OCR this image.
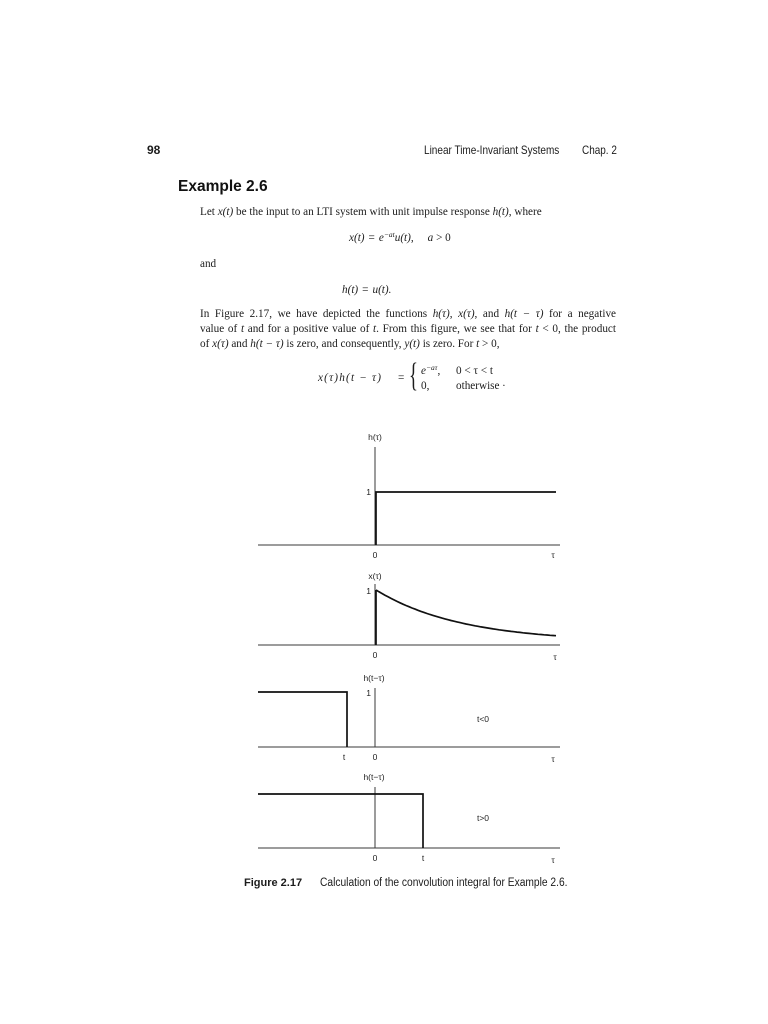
98	Linear Time-Invariant Systems Chap. 2
Example 2.6
Let x(t) be the input to an LTI system with unit impulse response h(t), where
$x(t) = e^{-at}u(t)$, a > 0
and
h(t) = u(t).
In Figure 2.17, we have depicted the functions h(τ), x(τ), and h(t − τ) for a negative
value of t and for a positive value of t. From this figure, we see that for t < 0, the product
of x(τ) and h(t − τ) is zero, and consequently, y(t) is zero. For t > 0,
x(τ)h(t − τ) = { $e^{-a\tau}$, 0 < τ < t
0, otherwise .
h(τ)
1
0	τ
x(τ)
1
0	τ
h(t−τ)
1
t<0
t	0	τ
h(t−τ)
t>0
0	t	τ
Figure 2.17 Calculation of the convolution integral for Example 2.6.
